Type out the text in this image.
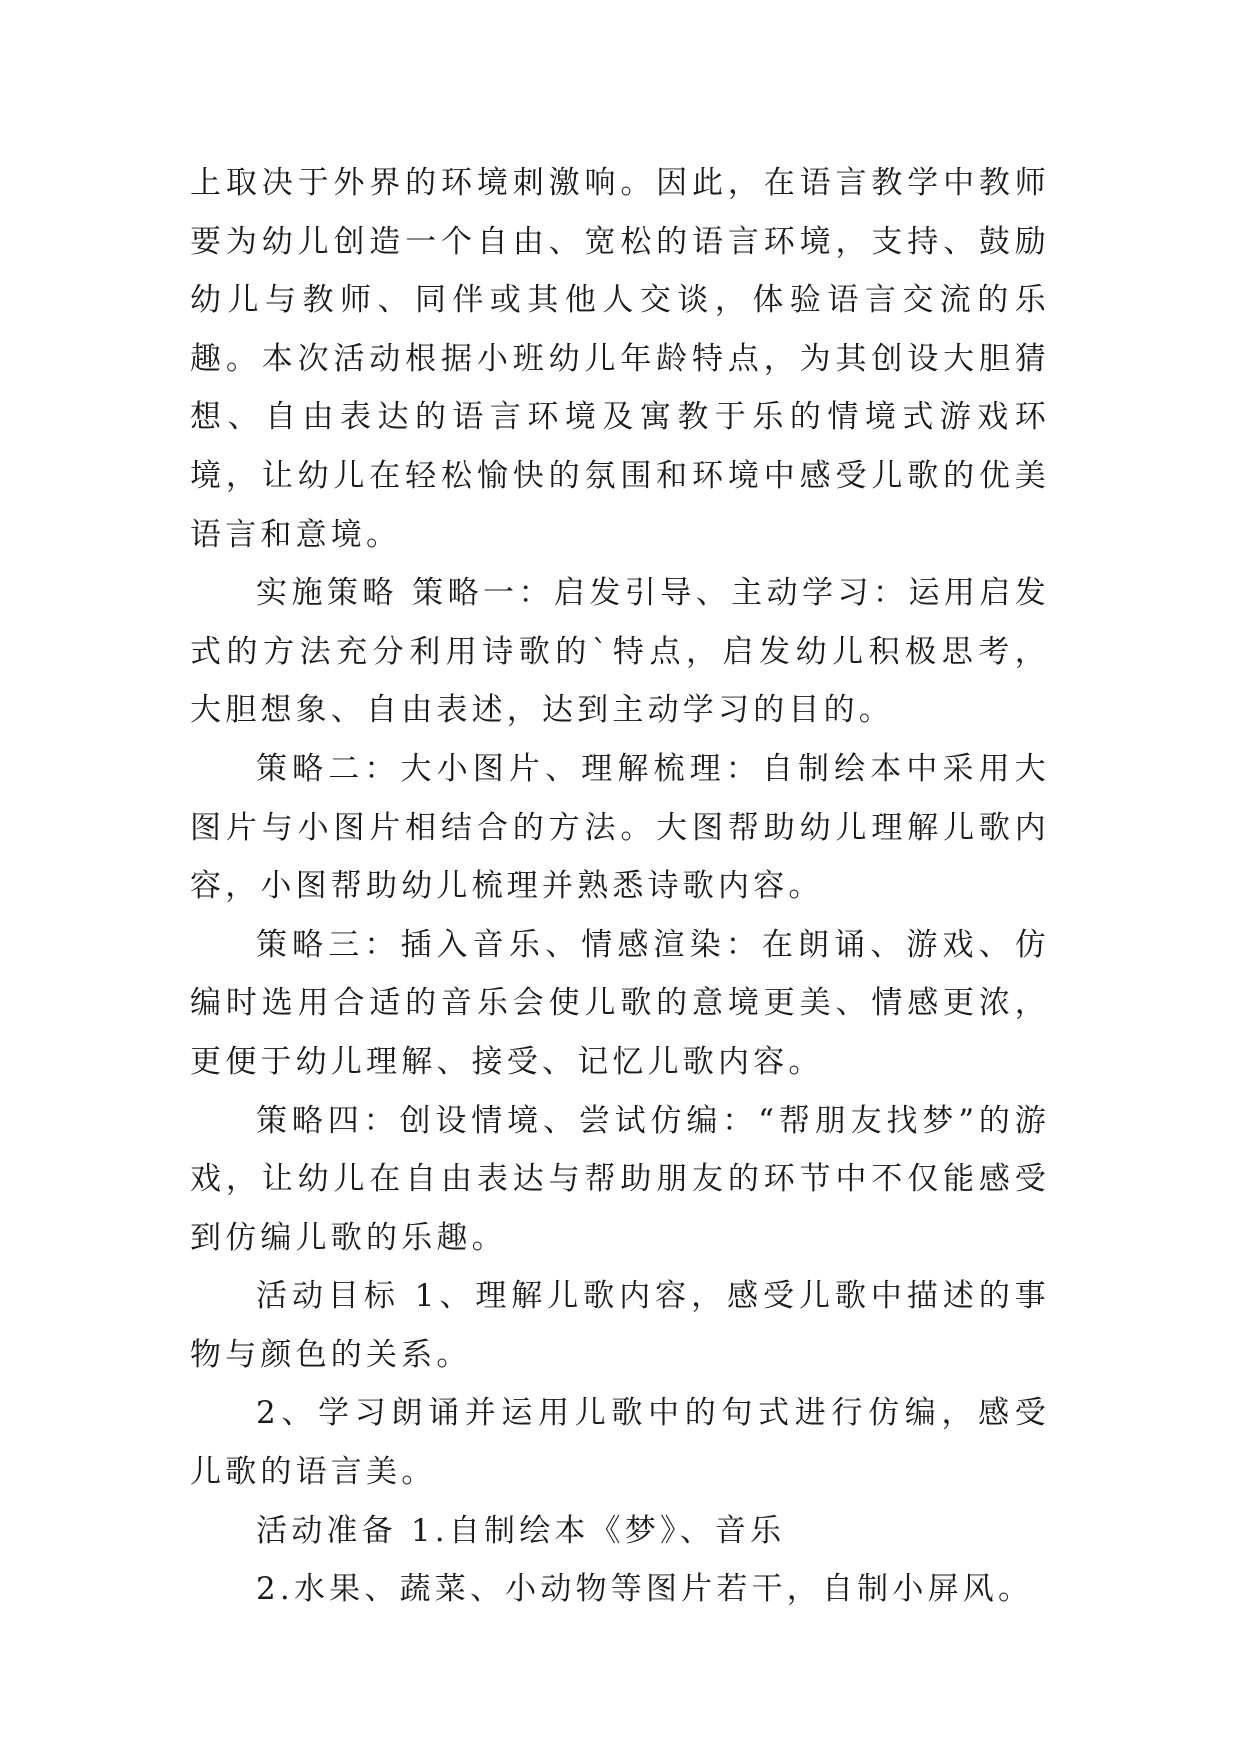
上取决于外界的环境刺激响。因此，在语言教学中教师要为幼儿创造一个自由、宽松的语言环境，支持、鼓励幼儿与教师、同伴或其他人交谈，体验语言交流的乐趣。本次活动根据小班幼儿年龄特点，为其创设大胆猜想、自由表达的语言环境及寓教于乐的情境式游戏环境，让幼儿在轻松愉快的氛围和环境中感受儿歌的优美语言和意境。

实施策略 策略一：启发引导、主动学习：运用启发式的方法充分利用诗歌的`特点，启发幼儿积极思考，大胆想象、自由表述，达到主动学习的目的。

策略二：大小图片、理解梳理：自制绘本中采用大图片与小图片相结合的方法。大图帮助幼儿理解儿歌内容，小图帮助幼儿梳理并熟悉诗歌内容。

策略三：插入音乐、情感渲染：在朗诵、游戏、仿编时选用合适的音乐会使儿歌的意境更美、情感更浓，更便于幼儿理解、接受、记忆儿歌内容。

策略四：创设情境、尝试仿编：“帮朋友找梦”的游戏，让幼儿在自由表达与帮助朋友的环节中不仅能感受到仿编儿歌的乐趣。

活动目标 1、理解儿歌内容，感受儿歌中描述的事物与颜色的关系。

2、学习朗诵并运用儿歌中的句式进行仿编，感受儿歌的语言美。

活动准备 1.自制绘本《梦》、音乐

2.水果、蔬菜、小动物等图片若干，自制小屏风。
